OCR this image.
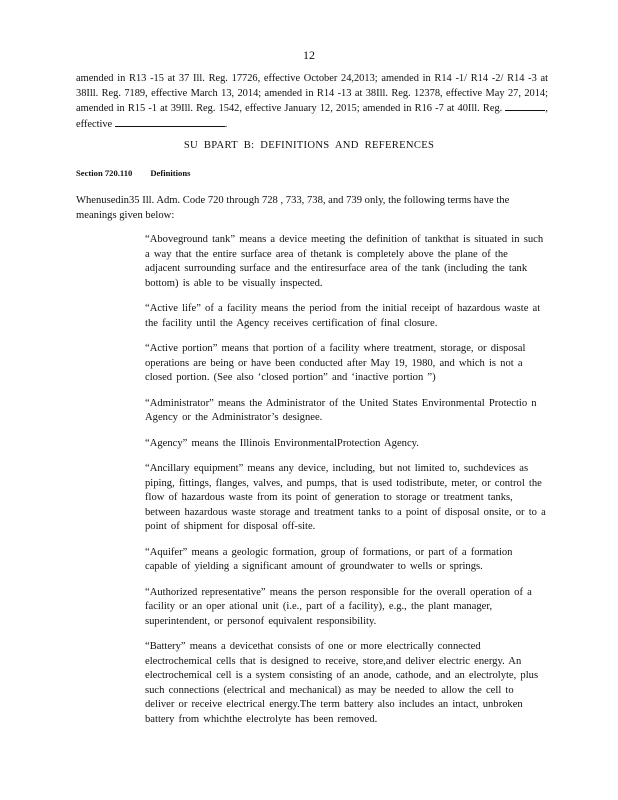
12

amended in R13 -15 at 37 Ill. Reg. 17726, effective October 24,2013; amended in R14 -1/ R14 -2/ R14 -3 at 38Ill. Reg. 7189, effective March 13, 2014; amended in R14 -13 at 38Ill. Reg. 12378, effective May 27, 2014; amended in R15 -1 at 39Ill. Reg. 1542, effective January 12, 2015; amended in R16 -7 at 40Ill. Reg.	, effective	.

SU BPART B: DEFINITIONS AND REFERENCES
Section 720.110 Definitions

Whenusedin35 Ill. Adm. Code 720 through 728 , 733, 738, and 739 only, the following terms have the meanings given below:

“Aboveground tank” means a device meeting the definition of tankthat is situated in such a way that the entire surface area of thetank is completely above the plane of the adjacent surrounding surface and the entiresurface area of the tank (including the tank bottom) is able to be visually inspected.

“Active life” of a facility means the period from the initial receipt of hazardous waste at the facility until the Agency receives certification of final closure.

“Active portion” means that portion of a facility where treatment, storage, or disposal operations are being or have been conducted after May 19, 1980, and which is not a closed portion. (See also ‘closed portion” and ‘inactive portion ”)

“Administrator” means the Administrator of the United States Environmental Protectio n Agency or the Administrator’s designee.

“Agency” means the Illinois EnvironmentalProtection Agency.

“Ancillary equipment” means any device, including, but not limited to, suchdevices as piping, fittings, flanges, valves, and pumps, that is used todistribute, meter, or control the flow of hazardous waste from its point of generation to storage or treatment tanks, between hazardous waste storage and treatment tanks to a point of disposal onsite, or to a point of shipment for disposal off-site.

“Aquifer” means a geologic formation, group of formations, or part of a formation capable of yielding a significant amount of groundwater to wells or springs.

“Authorized representative” means the person responsible for the overall operation of a facility or an oper ational unit (i.e., part of a facility), e.g., the plant manager, superintendent, or personof equivalent responsibility.

“Battery” means a devicethat consists of one or more electrically connected electrochemical cells that is designed to receive, store,and deliver electric energy. An electrochemical cell is a system consisting of an anode, cathode, and an electrolyte, plus such connections (electrical and mechanical) as may be needed to allow the cell to deliver or receive electrical energy.The term battery also includes an intact, unbroken battery from whichthe electrolyte has been removed.
